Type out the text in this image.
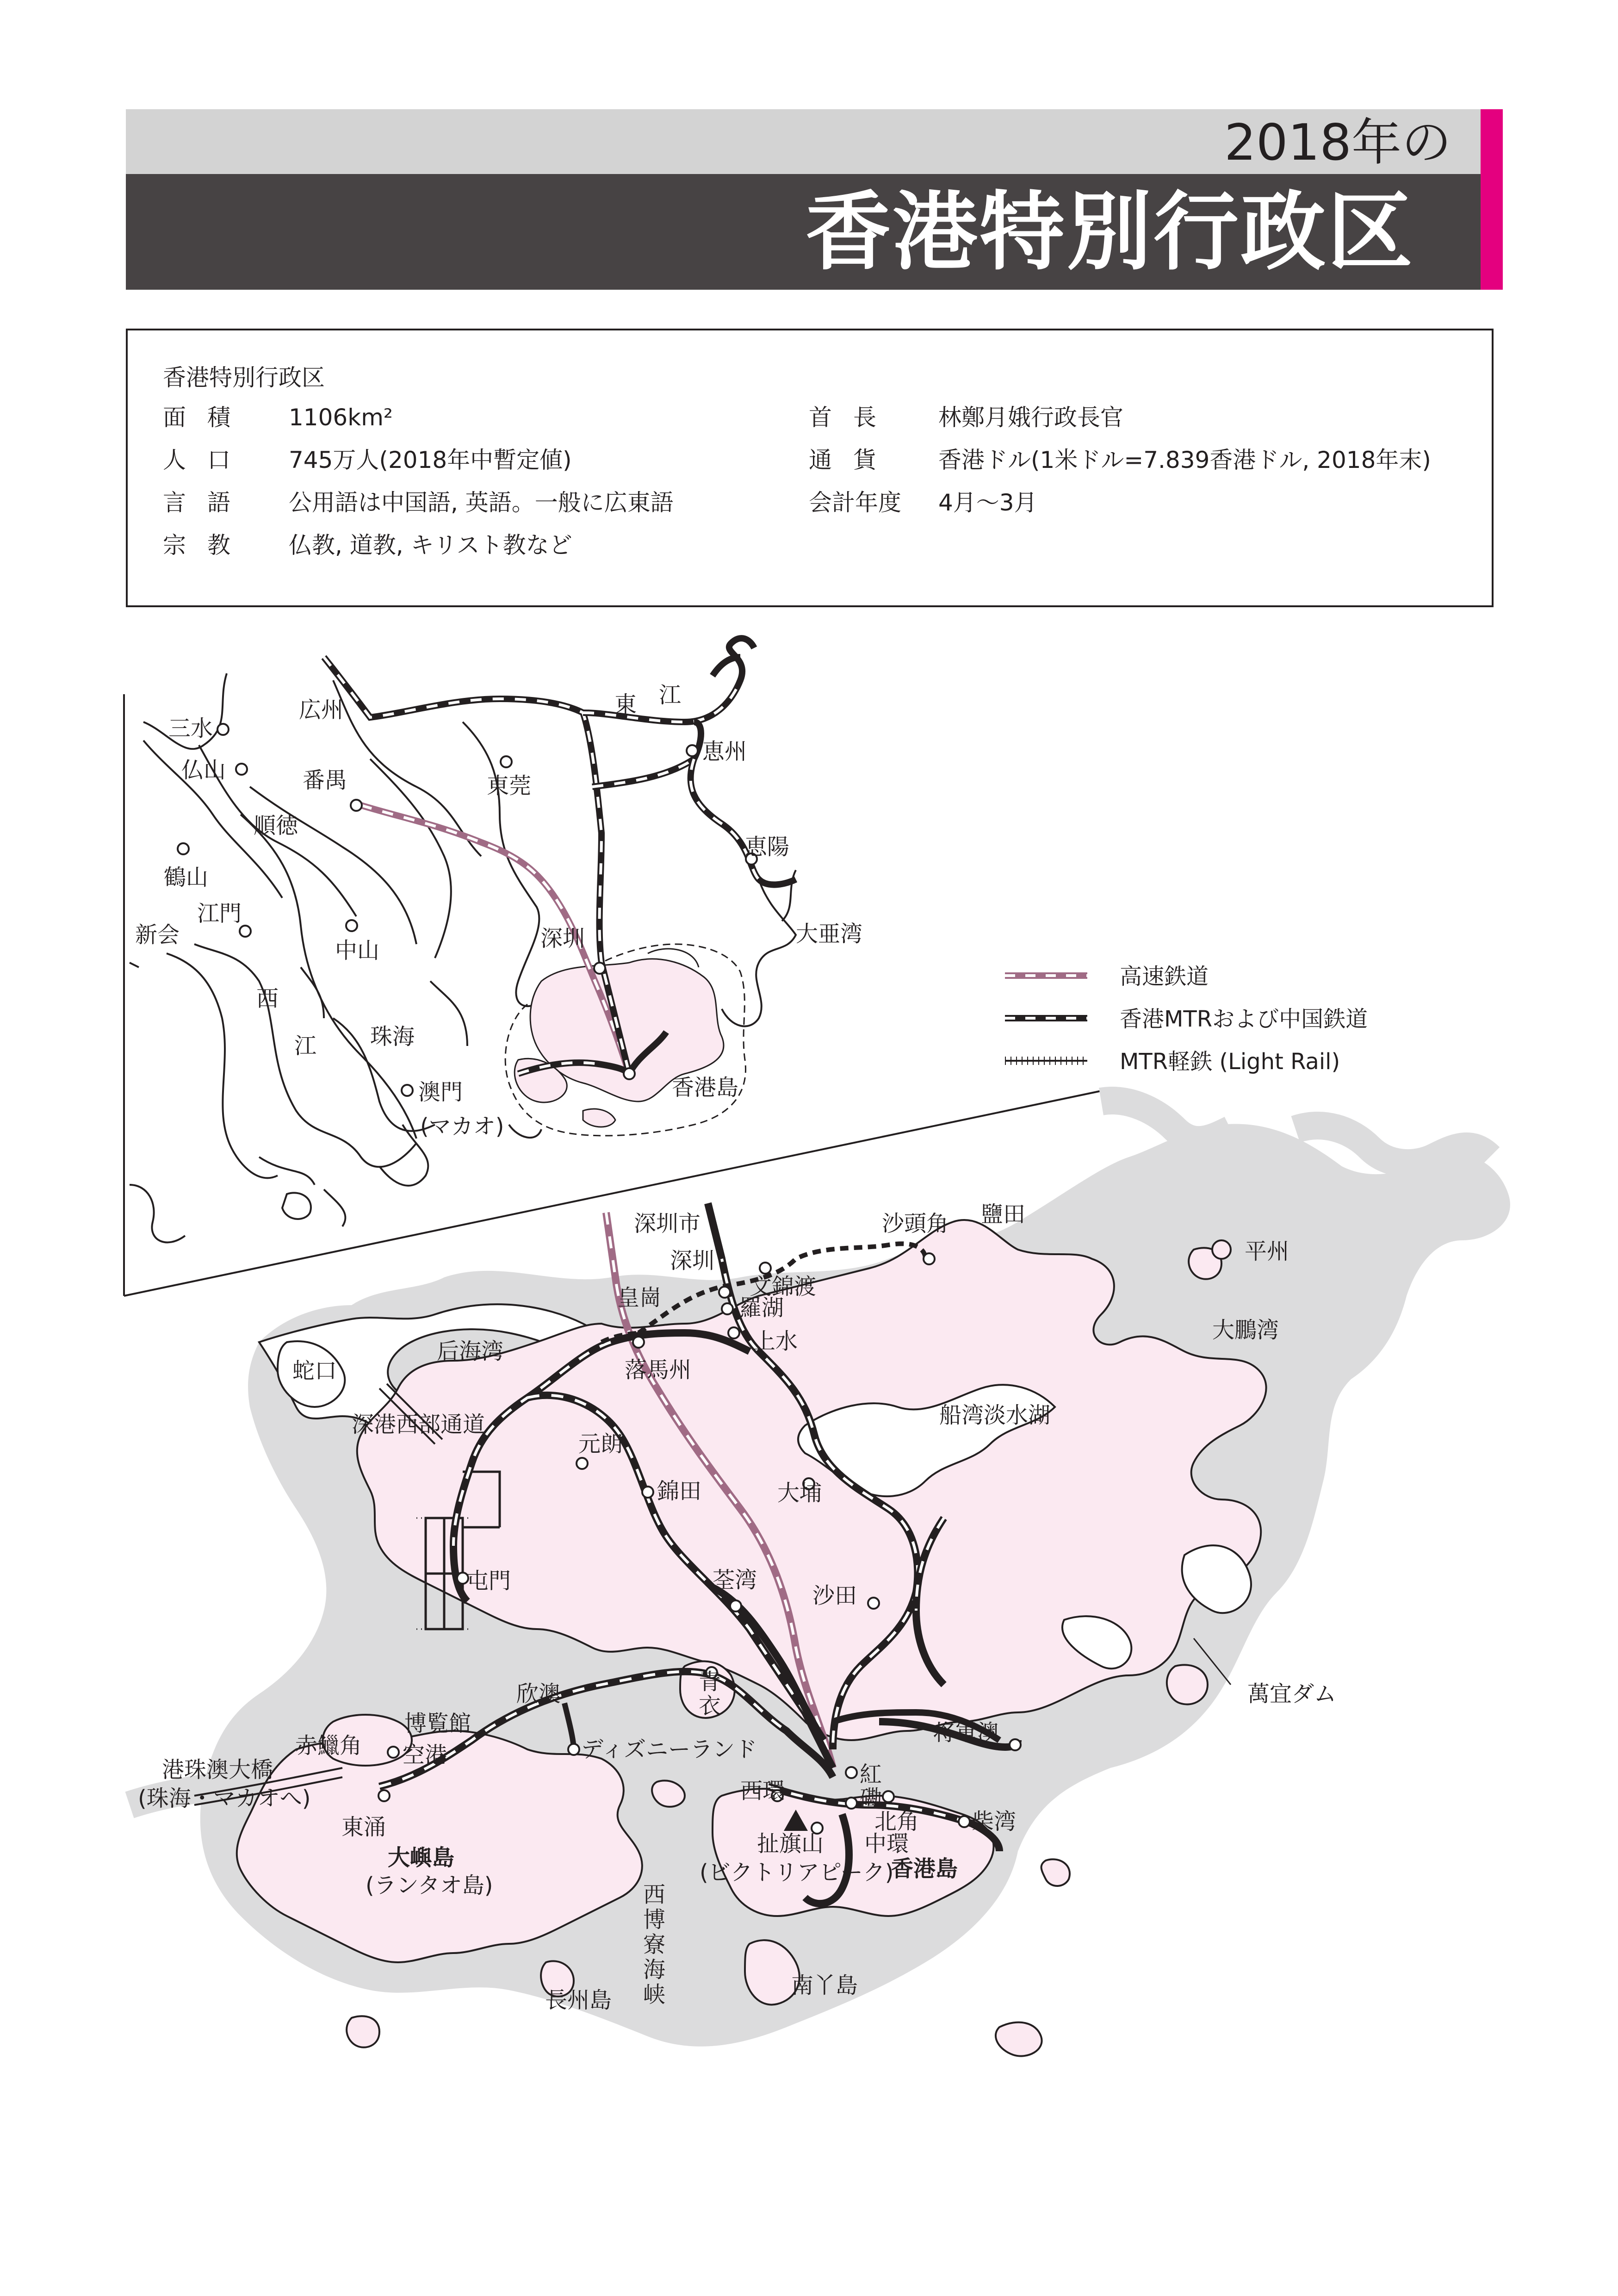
2018年の
香港特別行政区
香港特別行政区
面積 1106km²	首長 林鄭月娥行政長官
人口 745万人(2018年中暫定値)	通貨 香港ドル(1米ドル=7.839香港ドル, 2018年末)
言語 公用語は中国語, 英語。一般に広東語	会計年度 4月～3月
宗教 仏教, 道教, キリスト教など
広州	東 江
三水
恵州
仏山	番禺	東莞
順徳
恵陽
鶴山
江門
大亜湾
新会	深圳
中山
西
江 珠海
澳門
(マカオ)
香港島
鹽田
深圳市	沙頭角
平州
深圳
文錦渡
皇崗	羅湖
上水	大鵬湾
后海湾
落馬州
蛇口
深港西部通道	船湾淡水湖
元朗
錦田	大埔
屯門	荃湾
沙田
青
衣
欣澳	萬宜ダム
博覧館
赤鱲角	ディズニーランド
将軍澳
空港
港珠澳大橋
(珠海・マカオへ)
紅
磡
西環
東涌	北角 柴湾
扯旗山 中環
大嶼島
(ビクトリアピーク)
香港島
(ランタオ島)	西
博
寮
海
峡	南丫島
長州島
高速鉄道
香港MTRおよび中国鉄道
MTR軽鉄 (Light Rail)
